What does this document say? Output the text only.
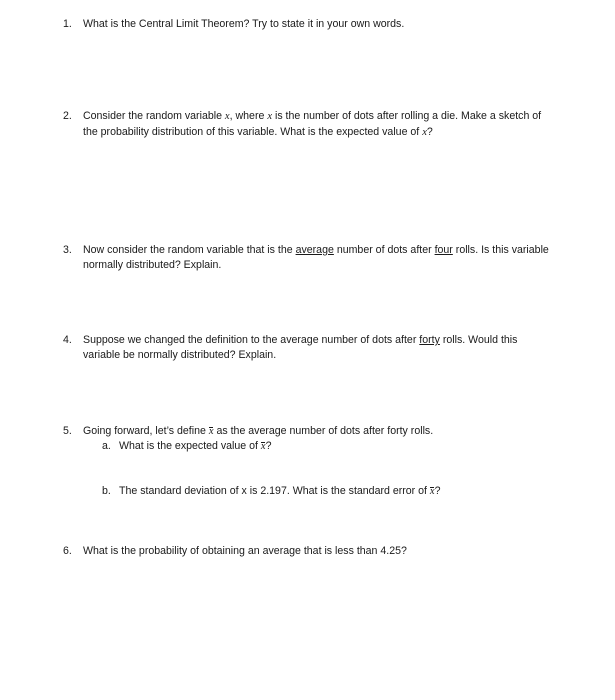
1.	What is the Central Limit Theorem? Try to state it in your own words.
2.	Consider the random variable x, where x is the number of dots after rolling a die. Make a sketch of the probability distribution of this variable. What is the expected value of x?
3.	Now consider the random variable that is the average number of dots after four rolls. Is this variable normally distributed? Explain.
4.	Suppose we changed the definition to the average number of dots after forty rolls. Would this variable be normally distributed? Explain.
5.	Going forward, let’s define x as the average number of dots after forty rolls.
a. What is the expected value of x?
b. The standard deviation of x is 2.197. What is the standard error of x?
6.	What is the probability of obtaining an average that is less than 4.25?
